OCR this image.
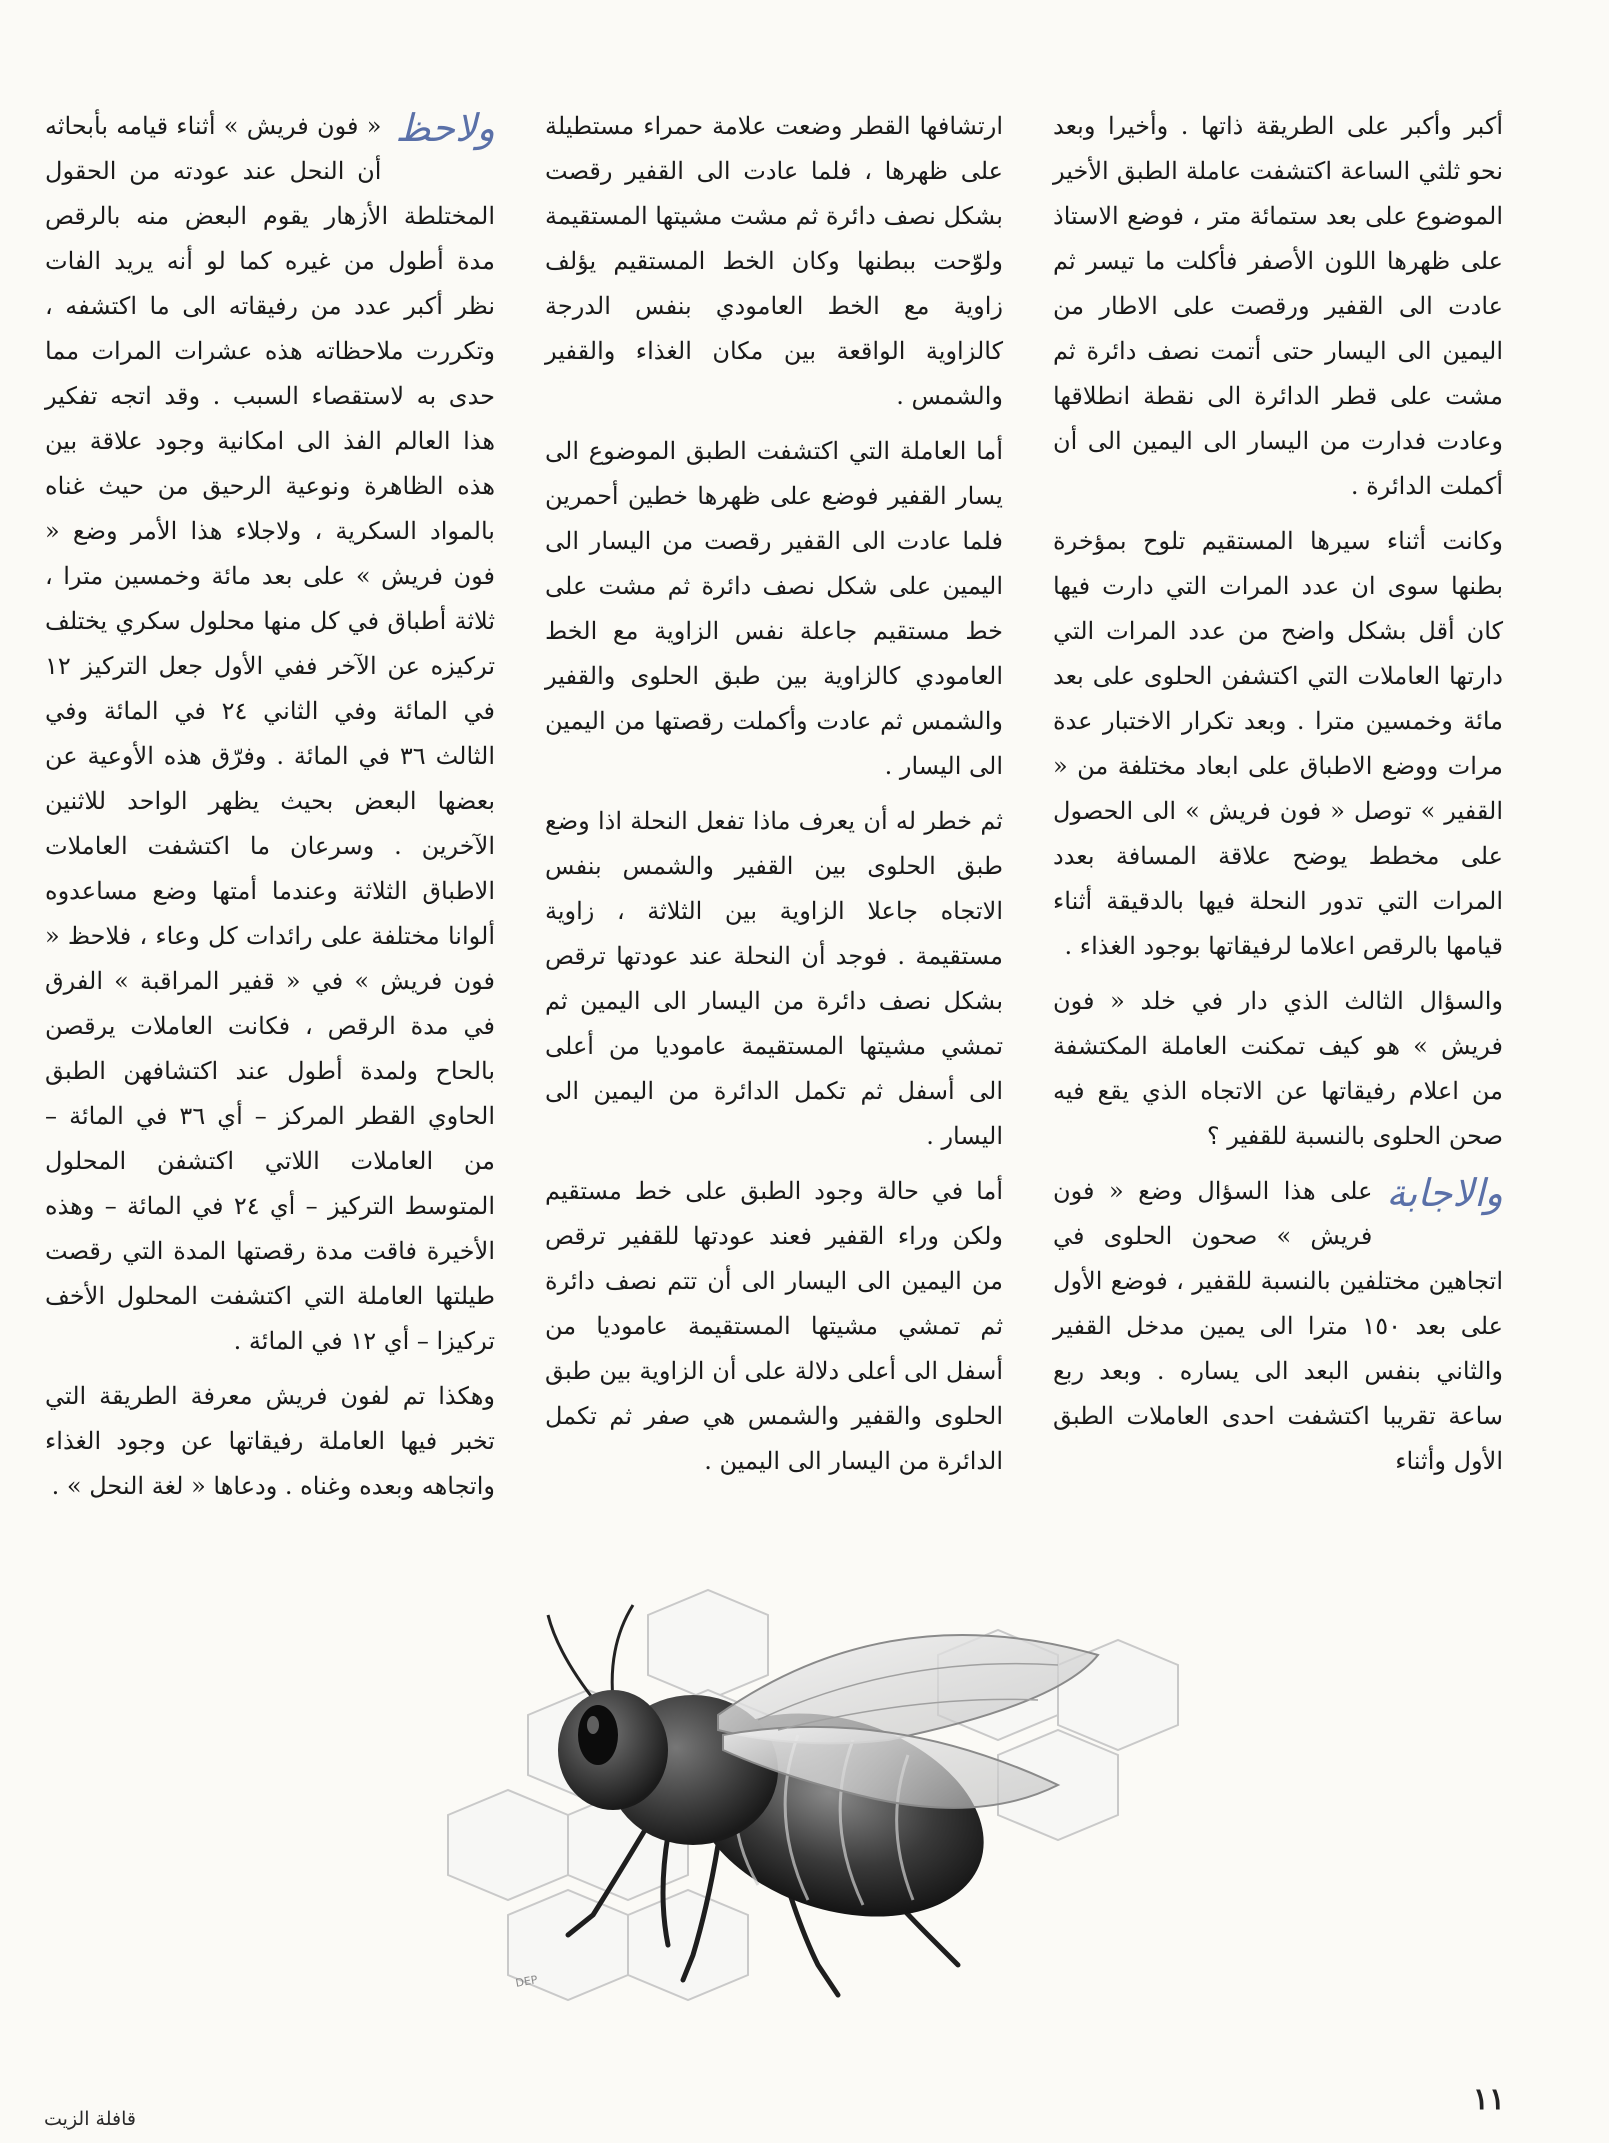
أكبر وأكبر على الطريقة ذاتها . وأخيرا وبعد نحو ثلثي الساعة اكتشفت عاملة الطبق الأخير الموضوع على بعد ستمائة متر ، فوضع الاستاذ على ظهرها اللون الأصفر فأكلت ما تيسر ثم عادت الى القفير ورقصت على الاطار من اليمين الى اليسار حتى أتمت نصف دائرة ثم مشت على قطر الدائرة الى نقطة انطلاقها وعادت فدارت من اليسار الى اليمين الى أن أكملت الدائرة .

وكانت أثناء سيرها المستقيم تلوح بمؤخرة بطنها سوى ان عدد المرات التي دارت فيها كان أقل بشكل واضح من عدد المرات التي دارتها العاملات التي اكتشفن الحلوى على بعد مائة وخمسين مترا . وبعد تكرار الاختبار عدة مرات ووضع الاطباق على ابعاد مختلفة من « القفير » توصل « فون فريش » الى الحصول على مخطط يوضح علاقة المسافة بعدد المرات التي تدور النحلة فيها بالدقيقة أثناء قيامها بالرقص اعلاما لرفيقاتها بوجود الغذاء .

والسؤال الثالث الذي دار في خلد « فون فريش » هو كيف تمكنت العاملة المكتشفة من اعلام رفيقاتها عن الاتجاه الذي يقع فيه صحن الحلوى بالنسبة للقفير ؟

والاجابة
على هذا السؤال وضع « فون فريش » صحون الحلوى في اتجاهين مختلفين بالنسبة للقفير ، فوضع الأول على بعد ١٥٠ مترا الى يمين مدخل القفير والثاني بنفس البعد الى يساره . وبعد ربع ساعة تقريبا اكتشفت احدى العاملات الطبق الأول وأثناء

ارتشافها القطر وضعت علامة حمراء مستطيلة على ظهرها ، فلما عادت الى القفير رقصت بشكل نصف دائرة ثم مشت مشيتها المستقيمة ولوّحت ببطنها وكان الخط المستقيم يؤلف زاوية مع الخط العامودي بنفس الدرجة كالزاوية الواقعة بين مكان الغذاء والقفير والشمس .

أما العاملة التي اكتشفت الطبق الموضوع الى يسار القفير فوضع على ظهرها خطين أحمرين فلما عادت الى القفير رقصت من اليسار الى اليمين على شكل نصف دائرة ثم مشت على خط مستقيم جاعلة نفس الزاوية مع الخط العامودي كالزاوية بين طبق الحلوى والقفير والشمس ثم عادت وأكملت رقصتها من اليمين الى اليسار .

ثم خطر له أن يعرف ماذا تفعل النحلة اذا وضع طبق الحلوى بين القفير والشمس بنفس الاتجاه جاعلا الزاوية بين الثلاثة ، زاوية مستقيمة . فوجد أن النحلة عند عودتها ترقص بشكل نصف دائرة من اليسار الى اليمين ثم تمشي مشيتها المستقيمة عاموديا من أعلى الى أسفل ثم تكمل الدائرة من اليمين الى اليسار .

أما في حالة وجود الطبق على خط مستقيم ولكن وراء القفير فعند عودتها للقفير ترقص من اليمين الى اليسار الى أن تتم نصف دائرة ثم تمشي مشيتها المستقيمة عاموديا من أسفل الى أعلى دلالة على أن الزاوية بين طبق الحلوى والقفير والشمس هي صفر ثم تكمل الدائرة من اليسار الى اليمين .

ولاحظ
« فون فريش » أثناء قيامه بأبحاثه أن النحل عند عودته من الحقول المختلطة الأزهار يقوم البعض منه بالرقص مدة أطول من غيره كما لو أنه يريد الفات نظر أكبر عدد من رفيقاته الى ما اكتشفه ، وتكررت ملاحظاته هذه عشرات المرات مما حدى به لاستقصاء السبب . وقد اتجه تفكير هذا العالم الفذ الى امكانية وجود علاقة بين هذه الظاهرة ونوعية الرحيق من حيث غناه بالمواد السكرية ، ولاجلاء هذا الأمر وضع « فون فريش » على بعد مائة وخمسين مترا ، ثلاثة أطباق في كل منها محلول سكري يختلف تركيزه عن الآخر ففي الأول جعل التركيز ١٢ في المائة وفي الثاني ٢٤ في المائة وفي الثالث ٣٦ في المائة . وفرّق هذه الأوعية عن بعضها البعض بحيث يظهر الواحد للاثنين الآخرين . وسرعان ما اكتشفت العاملات الاطباق الثلاثة وعندما أمتها وضع مساعدوه ألوانا مختلفة على رائدات كل وعاء ، فلاحظ « فون فريش » في « قفير المراقبة » الفرق في مدة الرقص ، فكانت العاملات يرقصن بالحاح ولمدة أطول عند اكتشافهن الطبق الحاوي القطر المركز – أي ٣٦ في المائة – من العاملات اللاتي اكتشفن المحلول المتوسط التركيز – أي ٢٤ في المائة – وهذه الأخيرة فاقت مدة رقصتها المدة التي رقصت طيلتها العاملة التي اكتشفت المحلول الأخف تركيزا – أي ١٢ في المائة .

وهكذا تم لفون فريش معرفة الطريقة التي تخبر فيها العاملة رفيقاتها عن وجود الغذاء واتجاهه وبعده وغناه . ودعاها « لغة النحل » .

DEP
١١
قافلة الزيت
